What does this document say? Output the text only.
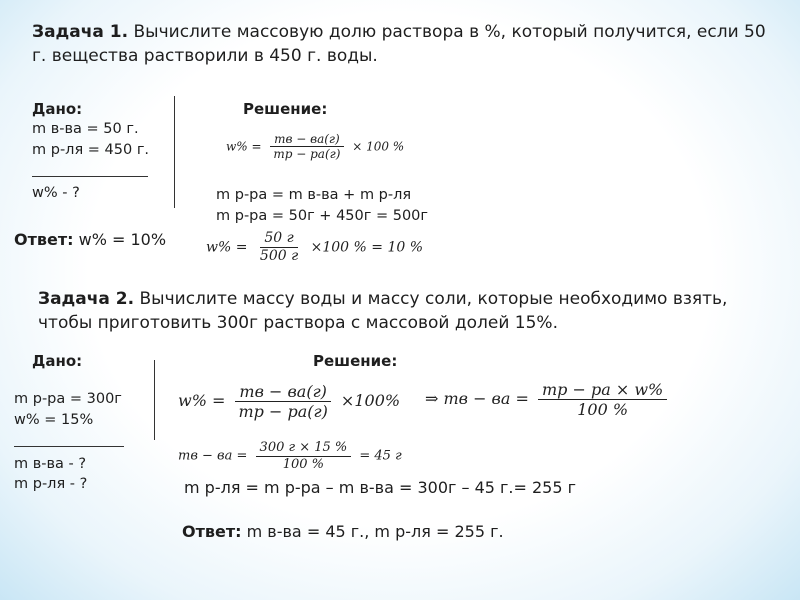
Задача 1. Вычислите массовую долю раствора в %, который получится, если 50 г. вещества растворили в 450 г. воды.
Дано:
m в-ва = 50 г.
m р-ля = 450 г.
w% - ?
Решение:
$w\% = \frac{mв - ва(г)}{mр - ра(г)} \times 100$ %
m р-ра = m в-ва + m р-ля
m р-ра = 50г + 450г = 500г
Ответ: w% = 10%	$w\% = \frac{50 г}{500 г} \times 100$ % = 10 %
Задача 2. Вычислите массу воды и массу соли, которые необходимо взять, чтобы приготовить 300г раствора с массовой долей 15%.
Дано:
m р-ра = 300г
w% = 15%
m в-ва - ?
m р-ля - ?
Решение:
$w\% = \frac{mв - ва(г)}{mр - ра(г)} \times 100\%$ ⇒ mв − ва = $\frac{mр - ра \times w\%}{100 \%}$
mв − ва = $\frac{300 г \times 15 \%}{100 \%} = 45$ г
m р-ля = m р-ра – m в-ва = 300г – 45 г.= 255 г
Ответ: m в-ва = 45 г., m р-ля = 255 г.
